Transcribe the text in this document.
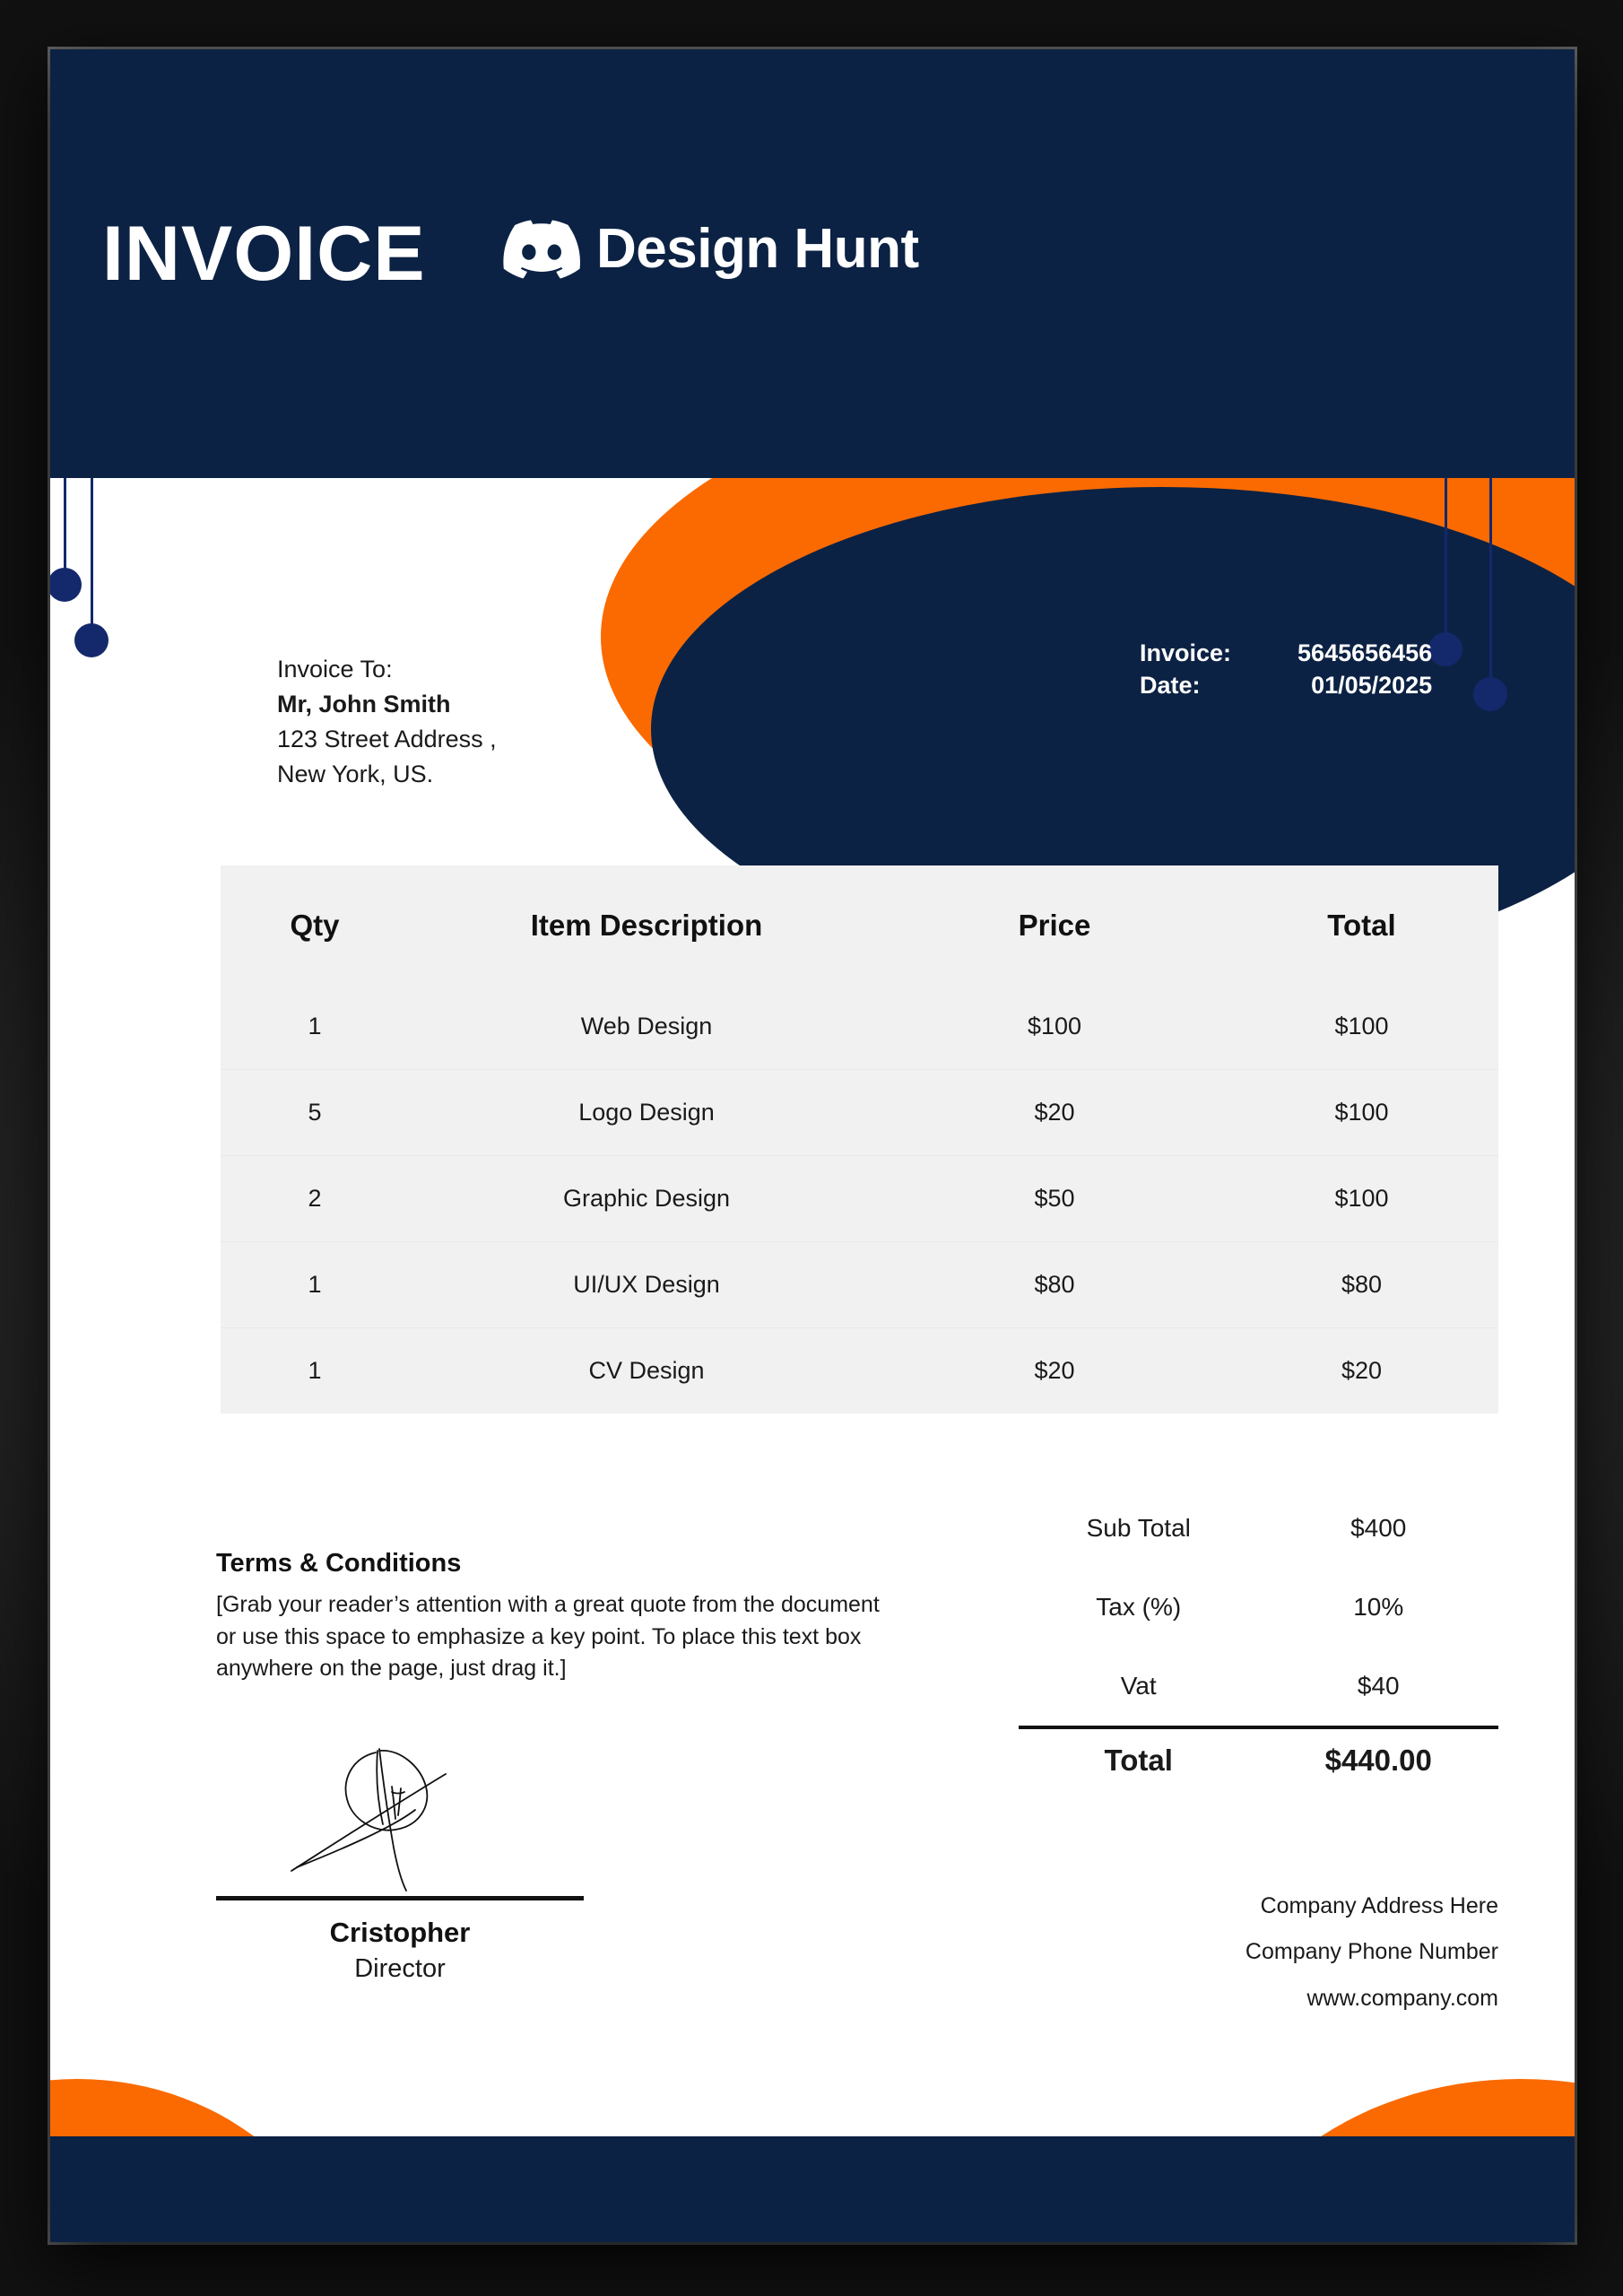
INVOICE	Design Hunt
Invoice:	5645656456
Date:	01/05/2025
Invoice To:
Mr, John Smith
123 Street Address ,
New York, US.
Qty	Item Description	Price	Total
1	Web Design	$100	$100
5	Logo Design	$20	$100
2	Graphic Design	$50	$100
1	UI/UX Design	$80	$80
1	CV Design	$20	$20
Sub Total	$400
Tax (%)	10%
Vat	$40
Total	$440.00
Terms & Conditions

[Grab your reader’s attention with a great quote from the document or use this space to emphasize a key point. To place this text box anywhere on the page, just drag it.]

Cristopher
Director
Company Address Here
Company Phone Number
www.company.com
